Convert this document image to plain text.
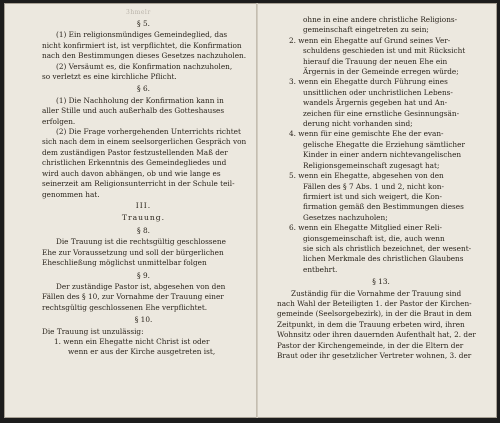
3hmelr
§ 5.
(1) Ein religionsmündiges Gemeindeglied, das
nicht konfirmiert ist, ist verpflichtet, die Konfirmation
nach den Bestimmungen dieses Gesetzes nachzuholen.
(2) Versäumt es, die Konfirmation nachzuholen,
so verletzt es eine kirchliche Pflicht.
§ 6.
(1) Die Nachholung der Konfirmation kann in
aller Stille und auch außerhalb des Gotteshauses
erfolgen.
(2) Die Frage vorhergehenden Unterrichts richtet
sich nach dem in einem seelsorgerlichen Gespräch von
dem zuständigen Pastor festzustellenden Maß der
christlichen Erkenntnis des Gemeindegliedes und
wird auch davon abhängen, ob und wie lange es
seinerzeit am Religionsunterricht in der Schule teil-
genommen hat.
III.
Trauung.
§ 8.
Die Trauung ist die rechtsgültig geschlossene
Ehe zur Voraussetzung und soll der bürgerlichen
Eheschließung möglichst unmittelbar folgen
§ 9.
Der zuständige Pastor ist, abgesehen von den
Fällen des § 10, zur Vornahme der Trauung einer
rechtsgültig geschlossenen Ehe verpflichtet.
§ 10.
Die Trauung ist unzulässig:
1. wenn ein Ehegatte nicht Christ ist oder
wenn er aus der Kirche ausgetreten ist,
ohne in eine andere christliche Religions-
gemeinschaft eingetreten zu sein;
2. wenn ein Ehegatte auf Grund seines Ver-
schuldens geschieden ist und mit Rücksicht
hierauf die Trauung der neuen Ehe ein
Ärgernis in der Gemeinde erregen würde;
3. wenn ein Ehegatte durch Führung eines
unsittlichen oder unchristlichen Lebens-
wandels Ärgernis gegeben hat und An-
zeichen für eine ernstliche Gesinnungsän-
derung nicht vorhanden sind;
4. wenn für eine gemischte Ehe der evan-
gelische Ehegatte die Erziehung sämtlicher
Kinder in einer andern nichtevangelischen
Religionsgemeinschaft zugesagt hat;
5. wenn ein Ehegatte, abgesehen von den
Fällen des § 7 Abs. 1 und 2, nicht kon-
firmiert ist und sich weigert, die Kon-
firmation gemäß den Bestimmungen dieses
Gesetzes nachzuholen;
6. wenn ein Ehegatte Mitglied einer Reli-
gionsgemeinschaft ist, die, auch wenn
sie sich als christlich bezeichnet, der wesent-
lichen Merkmale des christlichen Glaubens
entbehrt.
§ 13.
Zuständig für die Vornahme der Trauung sind
nach Wahl der Beteiligten 1. der Pastor der Kirchen-
gemeinde (Seelsorgebezirk), in der die Braut in dem
Zeitpunkt, in dem die Trauung erbeten wird, ihren
Wohnsitz oder ihren dauernden Aufenthalt hat, 2. der
Pastor der Kirchengemeinde, in der die Eltern der
Braut oder ihr gesetzlicher Vertreter wohnen, 3. der
